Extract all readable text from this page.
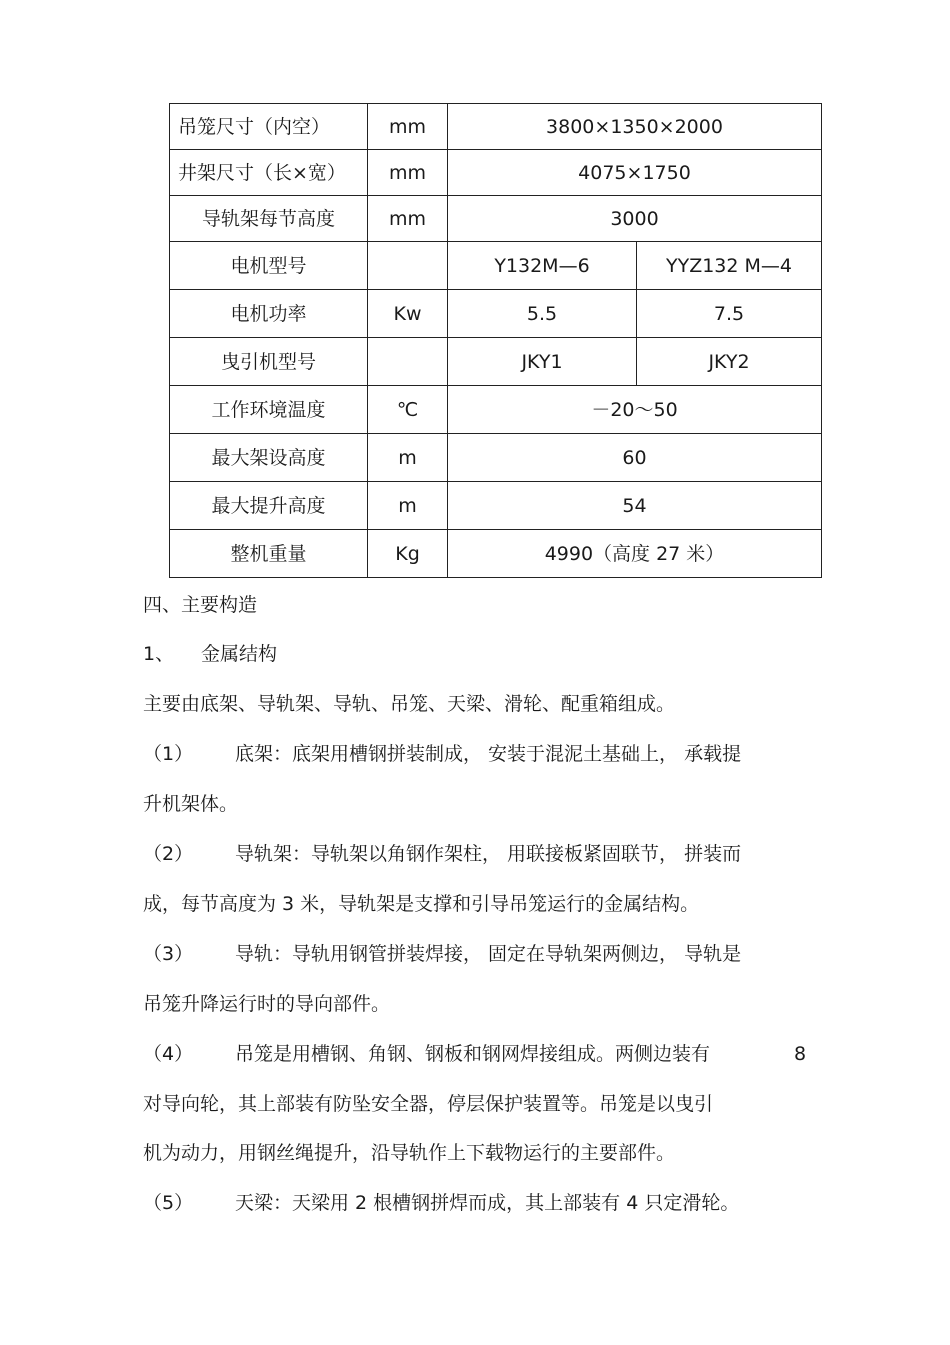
吊笼尺寸（内空）	mm	3800×1350×2000	
井架尺寸（长×宽）	mm	4075×1750	
导轨架每节高度	mm	3000	
电机型号		Y132M—6	YYZ132 M—4
电机功率	Kw	5.5	7.5
曳引机型号		JKY1	JKY2
工作环境温度	℃	－20～50	
最大架设高度	m	60	
最大提升高度	m	54	
整机重量	Kg	4990（高度 27 米）	

四、主要构造

1、 金属结构

主要由底架、导轨架、导轨、吊笼、天梁、滑轮、配重箱组成。

（1） 底架：底架用槽钢拼装制成， 安装于混泥土基础上， 承载提

升机架体。

（2） 导轨架：导轨架以角钢作架柱， 用联接板紧固联节， 拼装而

成，每节高度为 3 米，导轨架是支撑和引导吊笼运行的金属结构。

（3） 导轨：导轨用钢管拼装焊接， 固定在导轨架两侧边， 导轨是

吊笼升降运行时的导向部件。

（4） 吊笼是用槽钢、角钢、钢板和钢网焊接组成。两侧边装有	8

对导向轮，其上部装有防坠安全器，停层保护装置等。吊笼是以曳引

机为动力，用钢丝绳提升，沿导轨作上下载物运行的主要部件。

（5） 天梁：天梁用 2 根槽钢拼焊而成，其上部装有 4 只定滑轮。
